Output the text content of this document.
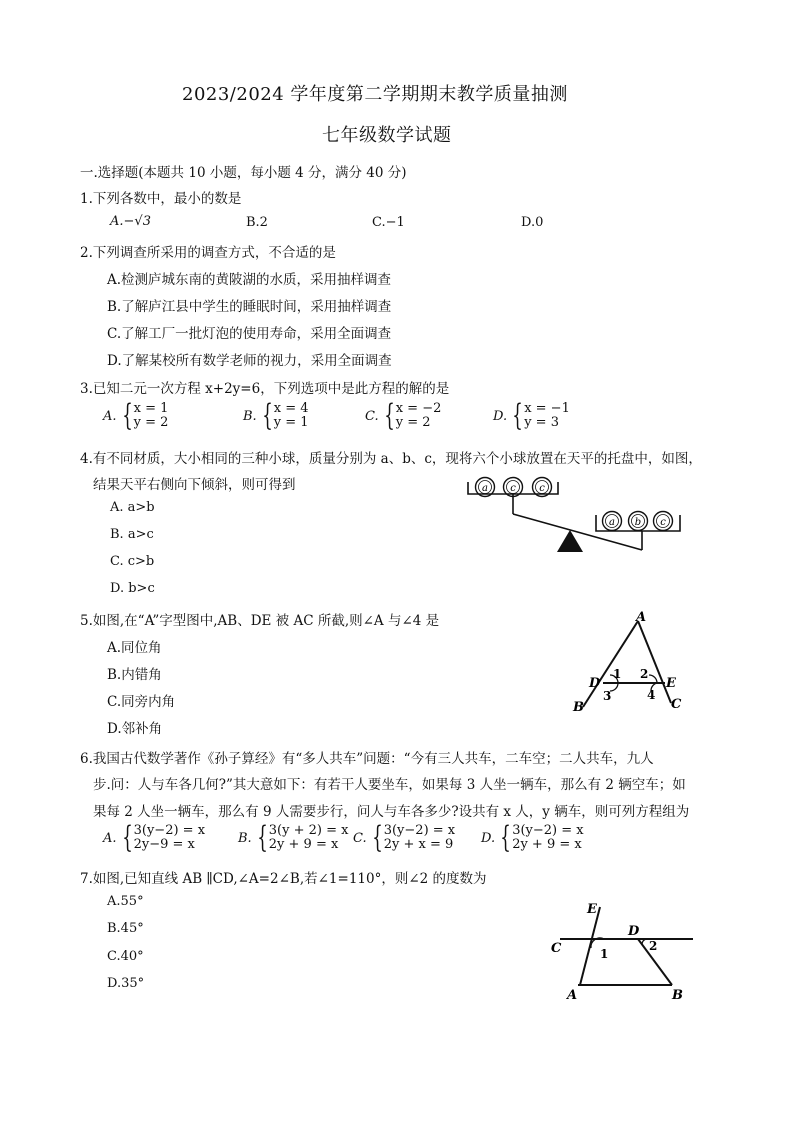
2023/2024 学年度第二学期期末教学质量抽测
七年级数学试题
一.选择题(本题共 10 小题，每小题 4 分，满分 40 分)
1.下列各数中，最小的数是
A.−√3	B.2	C.−1	D.0
2.下列调查所采用的调查方式，不合适的是
A.检测庐城东南的黄陂湖的水质，采用抽样调查
B.了解庐江县中学生的睡眠时间，采用抽样调查
C.了解工厂一批灯泡的使用寿命，采用全面调查
D.了解某校所有数学老师的视力，采用全面调查
3.已知二元一次方程 x+2y=6，下列选项中是此方程的解的是
A. { x = 1
y = 2	B. { x = 4
y = 1	C. { x = −2
y = 2	D. { x = −1
y = 3
4.有不同材质，大小相同的三种小球，质量分别为 a、b、c，现将六个小球放置在天平的托盘中，如图，
结果天平右侧向下倾斜，则可得到
A. a>b
B. a>c
C. c>b
D. b>c
a c c
a b c
5.如图,在“A”字型图中,AB、DE 被 AC 所截,则∠A 与∠4 是
A.同位角
B.内错角
C.同旁内角
D.邻补角
A
B	C
D	E
1 2
3	4
6.我国古代数学著作《孙子算经》有“多人共车”问题：“今有三人共车，二车空；二人共车，九人
步.问：人与车各几何?”其大意如下：有若干人要坐车，如果每 3 人坐一辆车，那么有 2 辆空车；如
果每 2 人坐一辆车，那么有 9 人需要步行，问人与车各多少?设共有 x 人，y 辆车，则可列方程组为
A. { 3(y−2) = x
2y−9 = x	B. { 3(y + 2) = x
2y + 9 = x	C. { 3(y−2) = x
2y + x = 9 D. { 3(y−2) = x
2y + 9 = x
7.如图,已知直线 AB ∥CD,∠A=2∠B,若∠1=110°，则∠2 的度数为
A.55°
B.45°
C.40°
D.35°
E
C
D
A	B
1
2
